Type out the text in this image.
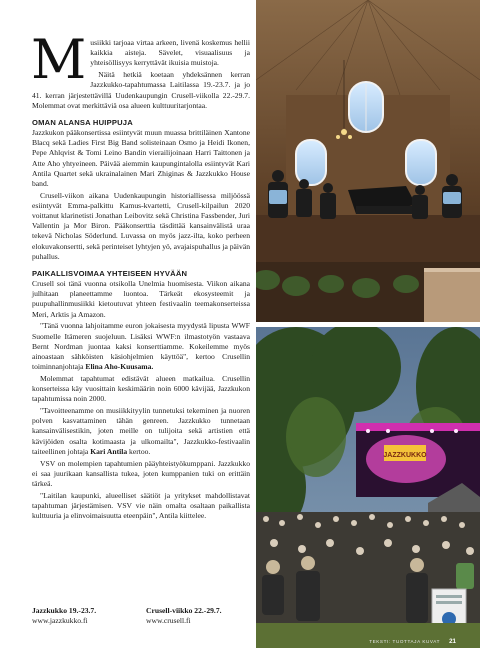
M usiikki tarjoaa virtaa arkeen, livenä koskemus hellii kaikkia aisteja. Sävelet, visuaalisuus ja yhteisöllisyys kerryttävät ikuisia muistoja.

Näitä hetkiä koetaan yhdeksännen kerran Jazzkukko-tapahtumassa Laitilassa 19.-23.7. ja jo 41. kerran järjestettävillä Uudenkaupungin Crusell-viikolla 22.-29.7. Molemmat ovat merkittäviä osa alueen kulttuuritarjontaa.

OMAN ALANSA HUIPPUJA

Jazzkukon pääkonsertissa esiintyvät muun muassa brittiläinen Xantone Blacq sekä Ladies First Big Band solisteinaan Osmo ja Heidi Ikonen, Pepe Ahlqvist & Tomi Leino Bandin vierailijoinaan Harri Taittonen ja Atte Aho yhtyeineen. Päivää aiemmin kaupungintalolla esiintyvät Kari Antila Quartet sekä ukrainalainen Mari Zhiginas & Jazzkukko House band.

Crusell-viikon aikana Uudenkaupungin historiallisessa miljöössä esiintyvät Emma-palkittu Kamus-kvartetti, Crusell-kilpailun 2020 voittanut klarinetisti Jonathan Leibovitz sekä Christina Fassbender, Juri Vallentin ja Mor Biron. Pääkonserttia täsdittää kansainvälistä uraa tekevä Nicholas Söderlund. Luvassa on myös jazz-ilta, koko perheen elokuvakonsertti, sekä perinteiset lyhtyjen yö, avajaispuhallus ja päivän puhallus.

PAIKALLISVOIMAA YHTEISEEN HYVÄÄN

Crusell soi tänä vuonna otsikolla Unelmia huomisesta. Viikon aikana julhitaan planeettamme luontoa. Tärkeät ekosysteemit ja puupuhallinmusiikki kietoutuvat yhteen festivaalin teemakonserteissa Meri, Arktis ja Amazon.

"Tänä vuonna lahjoitamme euron jokaisesta myydystä lipusta WWF Suomelle Itämeren suojeluun. Lisäksi WWF:n ilmastotyön vastaava Bernt Nordman juontaa kaksi konserttiamme. Kokeilemme myös ainoastaan sähköisten käsiohjelmien käyttöä", kertoo Crusellin toiminnanjohtaja Elina Aho-Kuusama.

Molemmat tapahtumat edistävät alueen matkailua. Crusellin konserteissa käy vuosittain keskimäärin noin 6000 kävijää, Jazzkukon tapahtumissa noin 2000.

"Tavoitteenamme on musiikkityylin tunnetuksi tekeminen ja nuoren polven kasvattaminen tähän genreen. Jazzkukko tunnetaan kansainvälisestikin, joten meille on tulijoita sekä artistien että kävijöiden osalta kotimaasta ja ulkomailta", Jazzkukko-festivaalin taiteellinen johtaja Kari Antila kertoo.

VSV on molempien tapahtumien pääyhteistyökumppani. Jazzkukko ei saa juurikaan kansallista tukea, joten kumppanien tuki on erittäin tärkeä.

"Laitilan kaupunki, alueelliset säätiöt ja yritykset mahdollistavat tapahtuman järjestämisen. VSV vie näin omalta osaltaan paikallista kulttuuria ja elinvoimaisuutta eteenpäin", Antila kiittelee.

Jazzkukko 19.-23.7.
www.jazzkukko.fi
Crusell-viikko 22.-29.7.
www.crusell.fi
JAZZKUKKO
TEKSTI: TUOTTAJA KUVAT 21
